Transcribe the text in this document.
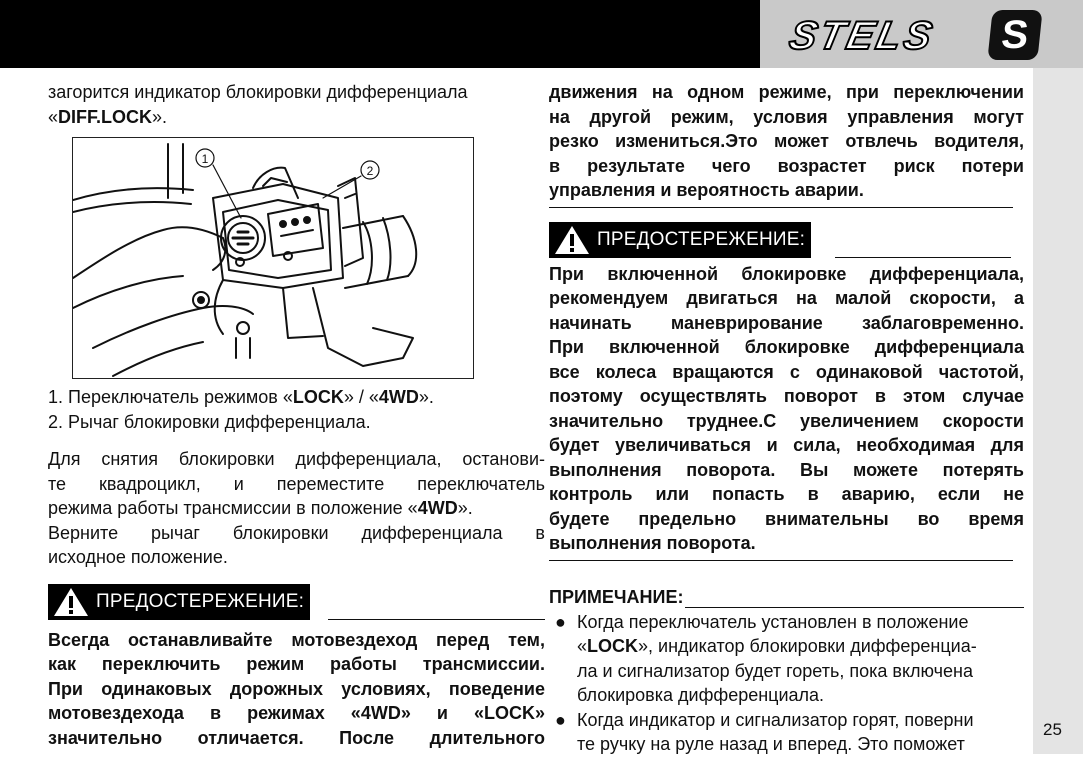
STELS S
25

загорится индикатор блокировки дифференциала
«DIFF.LOCK».

1
2

1. Переключатель режимов «LOCK» / «4WD».
2. Рычаг блокировки дифференциала.

Для снятия блокировки дифференциала, останови-
те квадроцикл, и переместите переключатель
режима работы трансмиссии в положение «4WD».
Верните рычаг блокировки дифференциала в
исходное положение.

ПРЕДОСТЕРЕЖЕНИЕ:

Всегда останавливайте мотовездеход перед тем,
как переключить режим работы трансмиссии.
При одинаковых дорожных условиях, поведение
мотовездехода в режимах «4WD» и «LOCK»
значительно отличается. После длительного

движения на одном режиме, при переключении
на другой режим, условия управления могут
резко измениться.Это может отвлечь водителя,
в результате чего возрастет риск потери
управления и вероятность аварии.

ПРЕДОСТЕРЕЖЕНИЕ:

При включенной блокировке дифференциала,
рекомендуем двигаться на малой скорости, а
начинать маневрирование заблаговременно.
При включенной блокировке дифференциала
все колеса вращаются с одинаковой частотой,
поэтому осуществлять поворот в этом случае
значительно труднее.С увеличением скорости
будет увеличиваться и сила, необходимая для
выполнения поворота. Вы можете потерять
контроль или попасть в аварию, если не
будете предельно внимательны во время
выполнения поворота.

ПРИМЕЧАНИЕ:
● Когда переключатель установлен в положение
«LOCK», индикатор блокировки дифференциа-
ла и сигнализатор будет гореть, пока включена
блокировка дифференциала.
● Когда индикатор и сигнализатор горят, поверни
те ручку на руле назад и вперед. Это поможет
